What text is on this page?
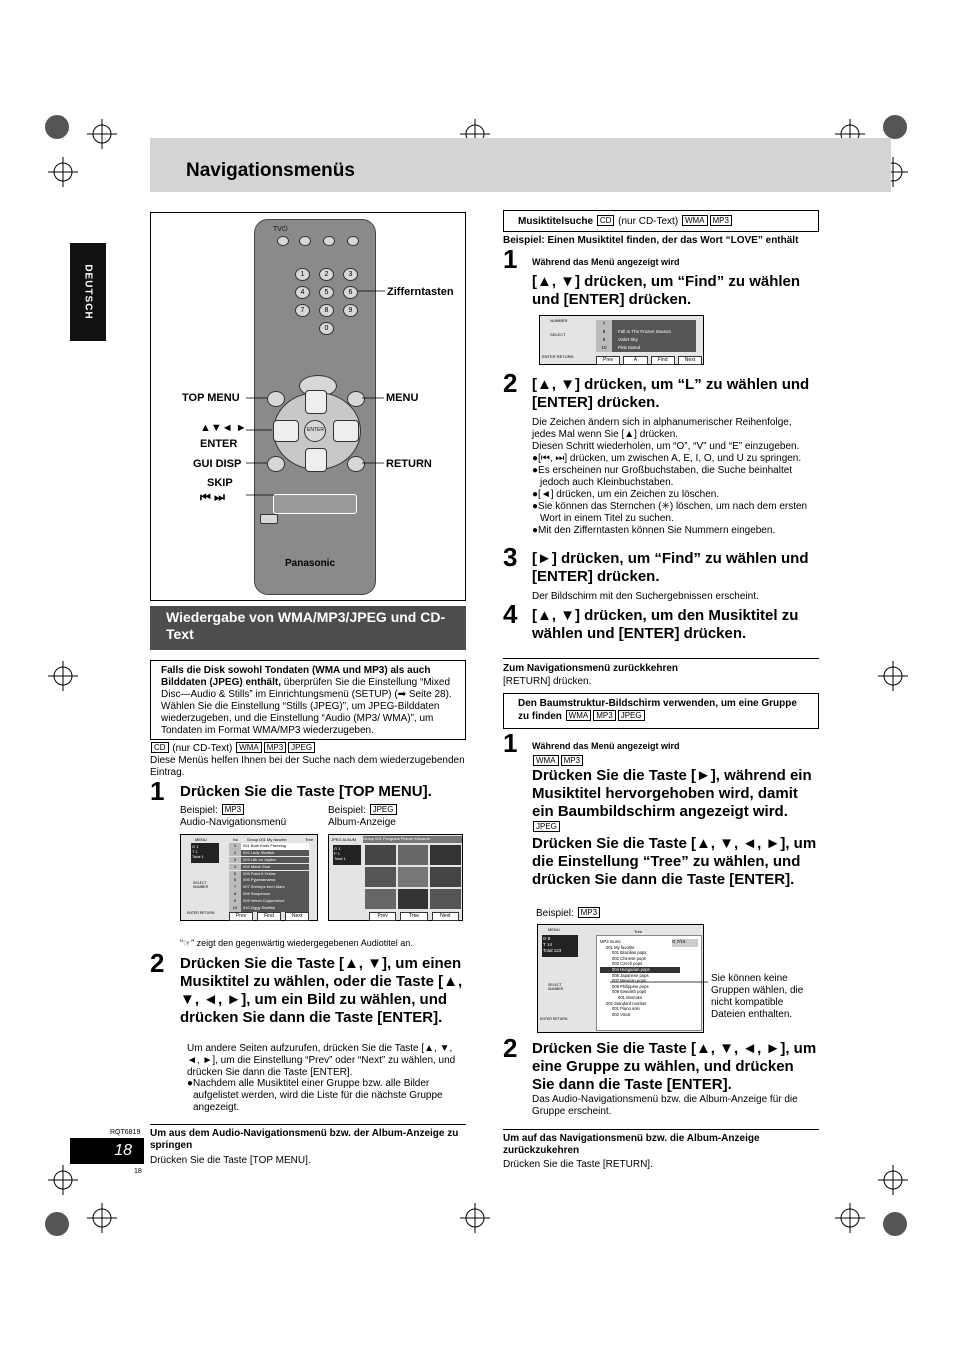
Navigationsmenüs
DEUTSCH
TV⏻
1	2	3
4	5	6
7	8	9
0
ENTER
Panasonic
Zifferntasten
TOP MENU	MENU
▲▼◄ ►
ENTER
GUI DISP	RETURN
SKIP
⏮ ⏭
Wiedergabe von WMA/MP3/JPEG und CD-Text
Falls die Disk sowohl Tondaten (WMA und MP3) als auch Bilddaten (JPEG) enthält, überprüfen Sie die Einstellung “Mixed Disc—Audio & Stills” im Einrichtungsmenü (SETUP) (➡ Seite 28). Wählen Sie die Einstellung “Stills (JPEG)”, um JPEG-Bilddaten wiederzugeben, und die Einstellung “Audio (MP3/ WMA)”, um Tondaten im Format WMA/MP3 wiederzugeben.
CD (nur CD-Text) WMA MP3 JPEG
Diese Menüs helfen Ihnen bei der Suche nach dem wiederzugebenden Eintrag.
1 Drücken Sie die Taste [TOP MENU].
Beispiel: MP3
Audio-Navigationsmenü
Beispiel: JPEG
Album-Anzeige
MENU	No Group 001 My favorite	Tree
G 1
T 1
Total 1
SELECT
NUMBER
ENTER RETURN
1	001 Both Ends Freezing
2	002 Lady Starfish
3	003 Life on Jupiter
4	004 Metal Glue
5	005 Paint It Yellow
6	006 Pyjamamama
7	007 Shrimps from Mars
8	008 Starperson
9	009 Velvet Cuppermine
10	010 Ziggy Starfish
Prev	Find	Next
JPEG ALBUM Group 001 Penguins Picture Moname
G 1
P 1
Total 1
Prev	Tree	Next
“☞” zeigt den gegenwärtig wiedergegebenen Audiotitel an.
2 Drücken Sie die Taste [▲, ▼], um einen Musiktitel zu wählen, oder die Taste [▲, ▼, ◄, ►], um ein Bild zu wählen, und drücken Sie dann die Taste [ENTER].
Um andere Seiten aufzurufen, drücken Sie die Taste [▲, ▼, ◄, ►], um die Einstellung “Prev” oder “Next” zu wählen, und drücken Sie dann die Taste [ENTER].
●Nachdem alle Musiktitel einer Gruppe bzw. alle Bilder aufgelistet werden, wird die Liste für die nächste Gruppe angezeigt.
Um aus dem Audio-Navigationsmenü bzw. der Album-Anzeige zu springen
Drücken Sie die Taste [TOP MENU].
RQT6819
18
18
Musiktitelsuche CD (nur CD-Text) WMA MP3
Beispiel: Einen Musiktitel finden, der das Wort “LOVE” enthält
1 Während das Menü angezeigt wird
[▲, ▼] drücken, um “Find” zu wählen und [ENTER] drücken.
NUMBER
SELECT
ENTER RETURN
7
8	Fall In The Frozen Season
9	Violet Sky
10	Pink Island
Prev	A	Find	Next
2 [▲, ▼] drücken, um “L” zu wählen und [ENTER] drücken.
Die Zeichen ändern sich in alphanumerischer Reihenfolge, jedes Mal wenn Sie [▲] drücken.
Diesen Schritt wiederholen, um “O”, “V” und “E” einzugeben.
●[⏮, ⏭] drücken, um zwischen A, E, I, O, und U zu springen.
●Es erscheinen nur Großbuchstaben, die Suche beinhaltet jedoch auch Kleinbuchstaben.
●[◄] drücken, um ein Zeichen zu löschen.
●Sie können das Sternchen (✳) löschen, um nach dem ersten Wort in einem Titel zu suchen.
●Mit den Zifferntasten können Sie Nummern eingeben.
3 [►] drücken, um “Find” zu wählen und [ENTER] drücken.
Der Bildschirm mit den Suchergebnissen erscheint.
4 [▲, ▼] drücken, um den Musiktitel zu wählen und [ENTER] drücken.
Zum Navigationsmenü zurückkehren
[RETURN] drücken.
Den Baumstruktur-Bildschirm verwenden, um eine Gruppe zu finden WMA MP3 JPEG
1 Während das Menü angezeigt wird
WMA MP3
Drücken Sie die Taste [►], während ein Musiktitel hervorgehoben wird, damit ein Baumbildschirm angezeigt wird.
JPEG
Drücken Sie die Taste [▲, ▼, ◄, ►], um die Einstellung “Tree” zu wählen, und drücken Sie dann die Taste [ENTER].
Beispiel: MP3
MENU	Tree
G 8
T 14
Total 123
SELECT
NUMBER
ENTER RETURN
G 7/16
MP3 music
001 My favorite
001 Brazilian pops
002 Chinese pops
003 Czech pops
004 Hungarian pops
005 Japanese pops
007 Mexican pops
008 Philippine pops
009 Swedish pops
001 Momoko
002 Standard number
001 Piano solo
002 Vocal
Sie können keine Gruppen wählen, die nicht kompatible Dateien enthalten.
2 Drücken Sie die Taste [▲, ▼, ◄, ►], um eine Gruppe zu wählen, und drücken Sie dann die Taste [ENTER].
Das Audio-Navigationsmenü bzw. die Album-Anzeige für die Gruppe erscheint.
Um auf das Navigationsmenü bzw. die Album-Anzeige zurückzukehren
Drücken Sie die Taste [RETURN].
